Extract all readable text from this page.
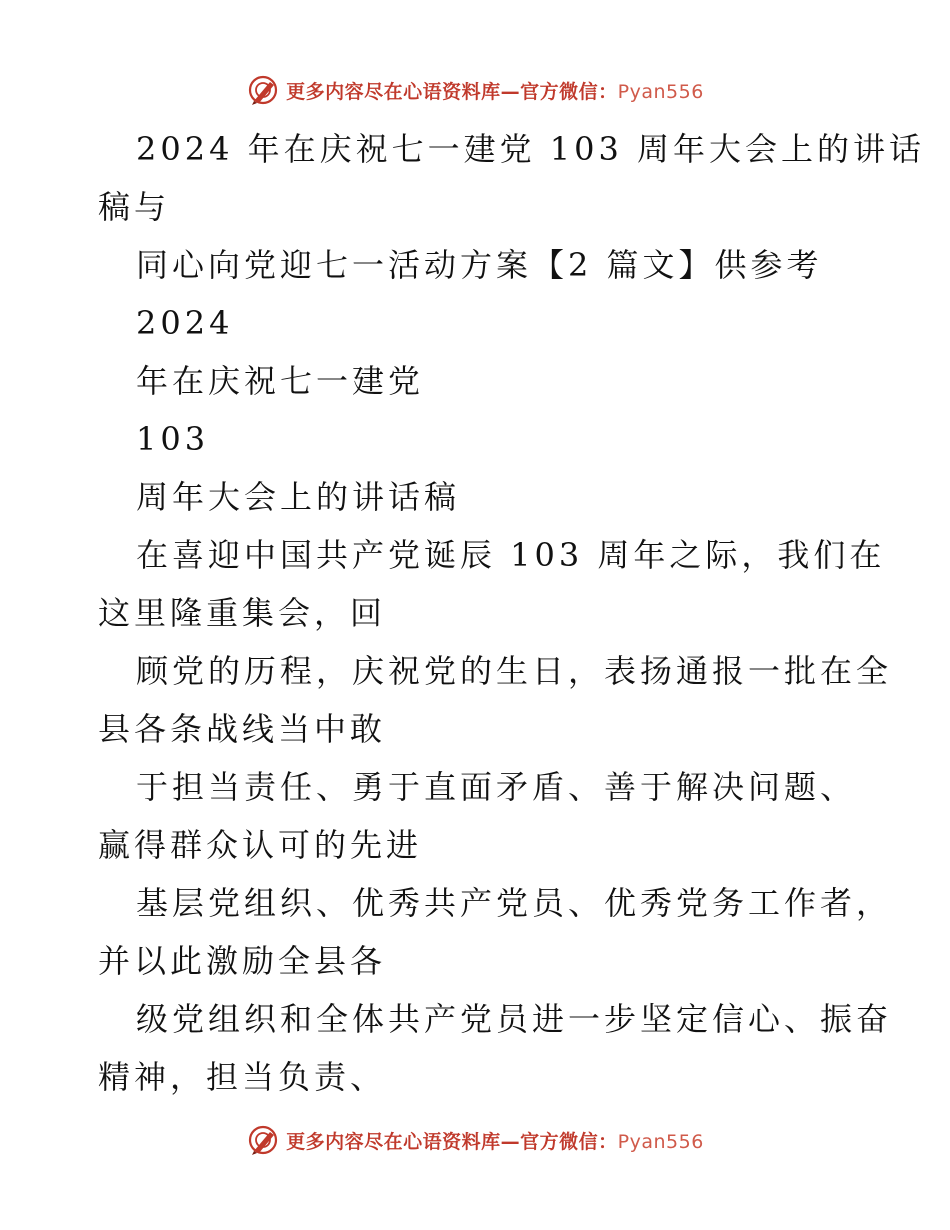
更多内容尽在心语资料库—官方微信：Pyan556
2024 年在庆祝七一建党 103 周年大会上的讲话
稿与
同心向党迎七一活动方案【2 篇文】供参考
2024
年在庆祝七一建党
103
周年大会上的讲话稿
在喜迎中国共产党诞辰 103 周年之际，我们在
这里隆重集会，回
顾党的历程，庆祝党的生日，表扬通报一批在全
县各条战线当中敢
于担当责任、勇于直面矛盾、善于解决问题、
赢得群众认可的先进
基层党组织、优秀共产党员、优秀党务工作者，
并以此激励全县各
级党组织和全体共产党员进一步坚定信心、振奋
精神，担当负责、
更多内容尽在心语资料库—官方微信：Pyan556
